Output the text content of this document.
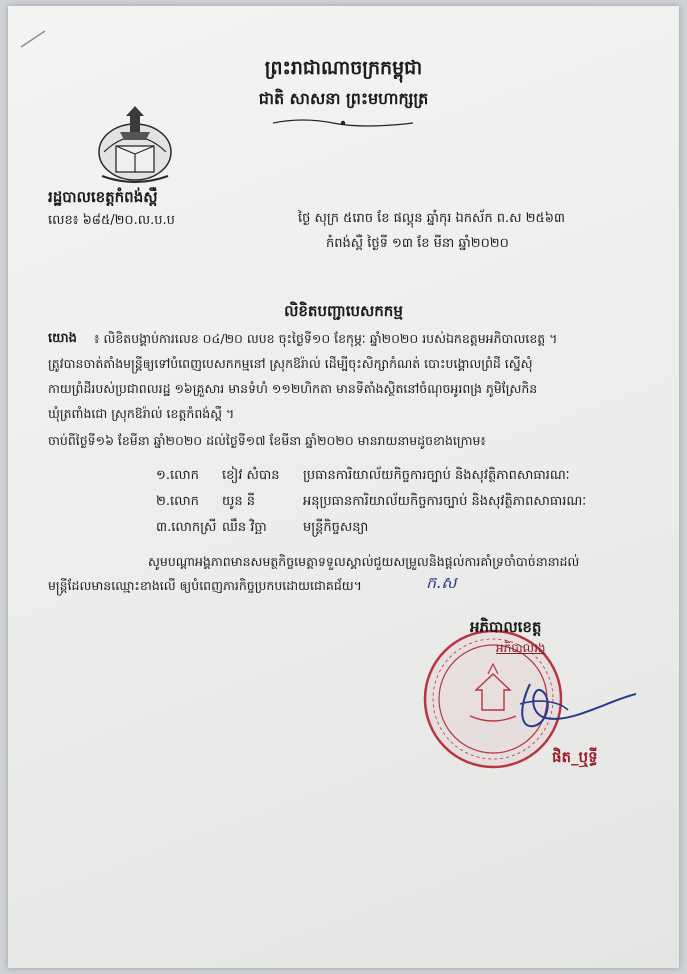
ព្រះរាជាណាចក្រកម្ពុជា
ជាតិ សាសនា ព្រះមហាក្សត្រ
រដ្ឋបាលខេត្តកំពង់ស្ពឺ
លេខ៖ ៦៨៥/២០.ល.ប.ប	ថ្ងៃ សុក្រ ៥រោច ខែ ផល្គុន ឆ្នាំកុរ ឯកស័ក ព.ស ២៥៦៣
កំពង់ស្ពឺ ថ្ងៃទី ១៣ ខែ មីនា ឆ្នាំ២០២០
លិខិតបញ្ជាបេសកកម្ម
យោង ៖ លិខិតបង្គាប់ការលេខ ០៤/២០ លបខ ចុះថ្ងៃទី១០ ខែកុម្ភៈ ឆ្នាំ២០២០ របស់ឯកឧត្តមអភិបាលខេត្ត ។
ត្រូវបានចាត់តាំងមន្ត្រីឲ្យទៅបំពេញបេសកកម្មនៅ ស្រុកឱរ៉ាល់ ដើម្បីចុះសិក្សាកំណត់ បោះបង្គោលព្រំដី ស្នើសុំ
កាយព្រំដីរបស់ប្រជាពលរដ្ឋ ១៦គ្រួសារ មានទំហំ ១១២ហិកតា មានទីតាំងស្ថិតនៅចំណុចអូរពង្រ ភូមិស្រែកិន
ឃុំត្រពាំងជោ ស្រុកឱរ៉ាល់ ខេត្តកំពង់ស្ពឺ ។
ចាប់ពីថ្ងៃទី១៦ ខែមីនា ឆ្នាំ២០២០ ដល់ថ្ងៃទី១៧ ខែមីនា ឆ្នាំ២០២០ មានរាយនាមដូចខាងក្រោម៖
១.លោក ខៀវ សំបាន ប្រធានការិយាល័យកិច្ចការច្បាប់ និងសុវត្ថិភាពសាធារណៈ
២.លោក យូន នី	អនុប្រធានការិយាល័យកិច្ចការច្បាប់ និងសុវត្ថិភាពសាធារណៈ
៣.លោកស្រី ឈឹន វិច្ឆា	មន្ត្រីកិច្ចសន្យា
សូមបណ្តាអង្គភាពមានសមត្ថកិច្ចមេត្តាទទួលស្គាល់ជួយសម្រួលនិងផ្តល់ការគាំទ្រចាំបាច់នានាដល់
មន្ត្រីដែលមានឈ្មោះខាងលើ ឲ្យបំពេញភារកិច្ចប្រកបដោយជោគជ័យ។	ក.ស
អភិបាលខេត្ត
អភិបាលរង
ផិត_ឬទ្ធី
